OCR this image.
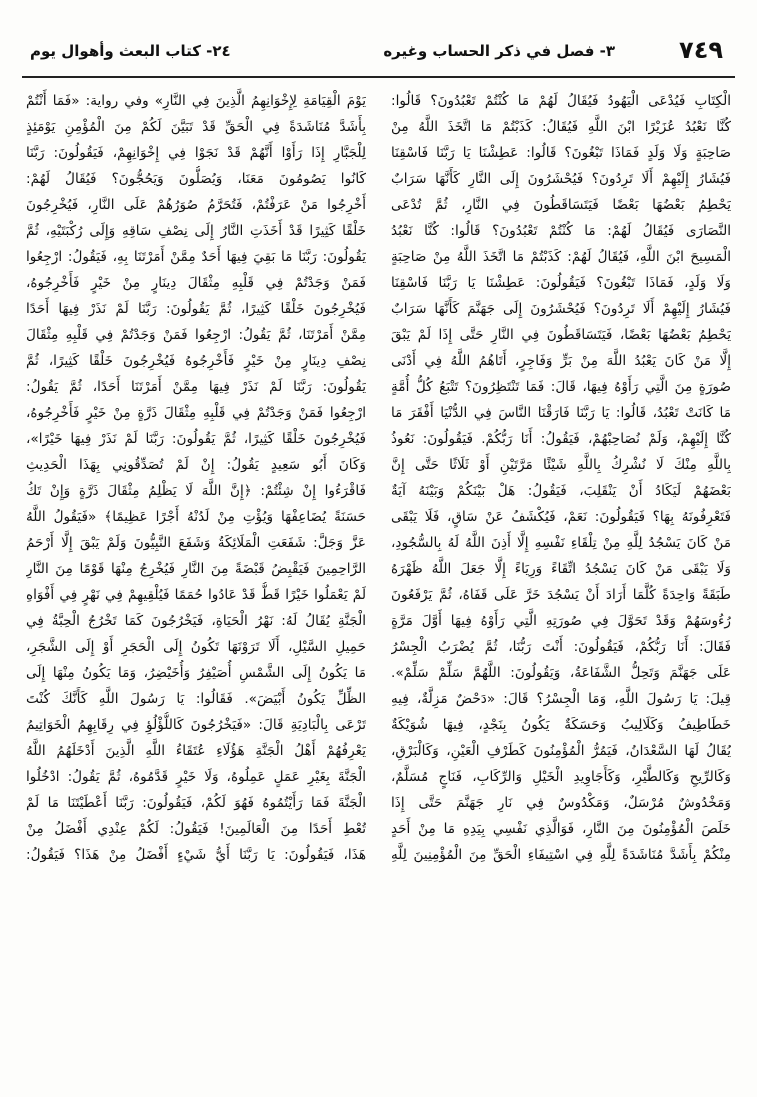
٧٤٩
٣- فصل في ذكر الحساب وغيره
٢٤- كتاب البعث وأهوال يوم
الْكِتَابِ فَيُدْعَى الْيَهُودُ فَيُقَالُ لَهُمْ مَا كُنْتُمْ تَعْبُدُونَ؟ قَالُوا:
كُنَّا نَعْبُدُ عُزَيْرًا ابْنَ اللَّهِ فَيُقَالُ: كَذَبْتُمْ مَا اتَّخَذَ اللَّهُ مِنْ
صَاحِبَةٍ وَلَا وَلَدٍ فَمَاذَا تَبْغُونَ؟ قَالُوا: عَطِشْنَا يَا رَبَّنَا فَاسْقِنَا
فَيُشَارُ إِلَيْهِمْ أَلَا تَرِدُونَ؟ فَيُحْشَرُونَ إِلَى النَّارِ كَأَنَّهَا سَرَابٌ
يَحْطِمُ بَعْضُهَا بَعْضًا فَيَتَسَاقَطُونَ فِي النَّارِ، ثُمَّ تُدْعَى
النَّصَارَى فَيُقَالُ لَهُمْ: مَا كُنْتُمْ تَعْبُدُونَ؟ قَالُوا: كُنَّا نَعْبُدُ
الْمَسِيحَ ابْنَ اللَّهِ، فَيُقَالُ لَهُمْ: كَذَبْتُمْ مَا اتَّخَذَ اللَّهُ مِنْ صَاحِبَةٍ
وَلَا وَلَدٍ، فَمَاذَا تَبْغُونَ؟ فَيَقُولُونَ: عَطِشْنَا يَا رَبَّنَا فَاسْقِنَا
فَيُشَارُ إِلَيْهِمْ أَلَا تَرِدُونَ؟ فَيُحْشَرُونَ إِلَى جَهَنَّمَ كَأَنَّهَا سَرَابٌ
يَحْطِمُ بَعْضُهَا بَعْضًا، فَيَتَسَاقَطُونَ فِي النَّارِ حَتَّى إِذَا لَمْ يَبْقَ
إِلَّا مَنْ كَانَ يَعْبُدُ اللَّهَ مِنْ بَرٍّ وَفَاجِرٍ، أَتَاهُمُ اللَّهُ فِي أَدْنَى
صُورَةٍ مِنَ الَّتِي رَأَوْهُ فِيهَا، قَالَ: فَمَا تَنْتَظِرُونَ؟ تَتْبَعُ كُلُّ أُمَّةٍ
مَا كَانَتْ تَعْبُدُ، قَالُوا: يَا رَبَّنَا فَارَقْنَا النَّاسَ فِي الدُّنْيَا أَفْقَرَ مَا
كُنَّا إِلَيْهِمْ، وَلَمْ نُصَاحِبْهُمْ، فَيَقُولُ: أَنَا رَبُّكُمْ. فَيَقُولُونَ: نَعُوذُ
بِاللَّهِ مِنْكَ لَا نُشْرِكُ بِاللَّهِ شَيْئًا مَرَّتَيْنِ أَوْ ثَلَاثًا حَتَّى إِنَّ
بَعْضَهُمْ لَيَكَادُ أَنْ يَنْقَلِبَ، فَيَقُولُ: هَلْ بَيْنَكُمْ وَبَيْنَهُ آيَةٌ
فَتَعْرِفُونَهُ بِهَا؟ فَيَقُولُونَ: نَعَمْ، فَيُكْشَفُ عَنْ سَاقٍ، فَلَا يَبْقَى
مَنْ كَانَ يَسْجُدُ لِلَّهِ مِنْ تِلْقَاءِ نَفْسِهِ إِلَّا أَذِنَ اللَّهُ لَهُ بِالسُّجُودِ،
وَلَا يَبْقَى مَنْ كَانَ يَسْجُدُ اتِّقَاءً وَرِيَاءً إِلَّا جَعَلَ اللَّهُ ظَهْرَهُ
طَبَقَةً وَاحِدَةً كُلَّمَا أَرَادَ أَنْ يَسْجُدَ خَرَّ عَلَى قَفَاهُ، ثُمَّ يَرْفَعُونَ
رُءُوسَهُمْ وَقَدْ تَحَوَّلَ فِي صُورَتِهِ الَّتِي رَأَوْهُ فِيهَا أَوَّلَ مَرَّةٍ
فَقَالَ: أَنَا رَبُّكُمْ، فَيَقُولُونَ: أَنْتَ رَبُّنَا، ثُمَّ يُضْرَبُ الْجِسْرُ
عَلَى جَهَنَّمَ وَتَحِلُّ الشَّفَاعَةُ، وَيَقُولُونَ: اللَّهُمَّ سَلِّمْ سَلِّمْ».
قِيلَ: يَا رَسُولَ اللَّهِ، وَمَا الْجِسْرُ؟ قَالَ: «دَحْضٌ مَزِلَّةٌ، فِيهِ
خَطَاطِيفُ وَكَلَالِيبُ وَحَسَكَةٌ يَكُونُ بِنَجْدٍ، فِيهَا شُوَيْكَةٌ
يُقَالُ لَهَا السَّعْدَانُ، فَيَمُرُّ الْمُؤْمِنُونَ كَطَرْفِ الْعَيْنِ، وَكَالْبَرْقِ،
وَكَالرِّيحِ وَكَالطَّيْرِ، وَكَأَجَاوِيدِ الْخَيْلِ وَالرِّكَابِ، فَنَاجٍ مُسَلَّمٌ،
وَمَخْدُوشٌ مُرْسَلٌ، وَمَكْدُوسٌ فِي نَارِ جَهَنَّمَ حَتَّى إِذَا
خَلَصَ الْمُؤْمِنُونَ مِنَ النَّارِ، فَوَالَّذِي نَفْسِي بِيَدِهِ مَا مِنْ أَحَدٍ
مِنْكُمْ بِأَشَدَّ مُنَاشَدَةً لِلَّهِ فِي اسْتِيفَاءِ الْحَقِّ مِنَ الْمُؤْمِنِينَ لِلَّهِ
يَوْمَ الْقِيَامَةِ لِإِخْوَانِهِمُ الَّذِينَ فِي النَّارِ» وفي رواية: «فَمَا أَنْتُمْ
بِأَشَدَّ مُنَاشَدَةً فِي الْحَقِّ قَدْ تَبَيَّنَ لَكُمْ مِنَ الْمُؤْمِنِ يَوْمَئِذٍ
لِلْجَبَّارِ إِذَا رَأَوْا أَنَّهُمْ قَدْ نَجَوْا فِي إِخْوَانِهِمْ، فَيَقُولُونَ: رَبَّنَا
كَانُوا يَصُومُونَ مَعَنَا، وَيُصَلُّونَ وَيَحُجُّونَ؟ فَيُقَالُ لَهُمْ:
أَخْرِجُوا مَنْ عَرَفْتُمْ، فَتُحَرَّمُ صُوَرُهُمْ عَلَى النَّارِ، فَيُخْرِجُونَ
خَلْقًا كَثِيرًا قَدْ أَخَذَتِ النَّارُ إِلَى نِصْفِ سَاقِهِ وَإِلَى رُكْبَتَيْهِ، ثُمَّ
يَقُولُونَ: رَبَّنَا مَا بَقِيَ فِيهَا أَحَدٌ مِمَّنْ أَمَرْتَنَا بِهِ، فَيَقُولُ: ارْجِعُوا
فَمَنْ وَجَدْتُمْ فِي قَلْبِهِ مِثْقَالَ دِينَارٍ مِنْ خَيْرٍ فَأَخْرِجُوهُ،
فَيُخْرِجُونَ خَلْقًا كَثِيرًا، ثُمَّ يَقُولُونَ: رَبَّنَا لَمْ نَذَرْ فِيهَا أَحَدًا
مِمَّنْ أَمَرْتَنَا، ثُمَّ يَقُولُ: ارْجِعُوا فَمَنْ وَجَدْتُمْ فِي قَلْبِهِ مِثْقَالَ
نِصْفِ دِينَارٍ مِنْ خَيْرٍ فَأَخْرِجُوهُ فَيُخْرِجُونَ خَلْقًا كَثِيرًا، ثُمَّ
يَقُولُونَ: رَبَّنَا لَمْ نَذَرْ فِيهَا مِمَّنْ أَمَرْتَنَا أَحَدًا، ثُمَّ يَقُولُ:
ارْجِعُوا فَمَنْ وَجَدْتُمْ فِي قَلْبِهِ مِثْقَالَ ذَرَّةٍ مِنْ خَيْرٍ فَأَخْرِجُوهُ،
فَيُخْرِجُونَ خَلْقًا كَثِيرًا، ثُمَّ يَقُولُونَ: رَبَّنَا لَمْ نَذَرْ فِيهَا خَيْرًا»،
وَكَانَ أَبُو سَعِيدٍ يَقُولُ: إِنْ لَمْ تُصَدِّقُونِي بِهَذَا الْحَدِيثِ
فَاقْرَءُوا إِنْ شِئْتُمْ: ﴿إِنَّ اللَّهَ لَا يَظْلِمُ مِثْقَالَ ذَرَّةٍ وَإِنْ تَكُ
حَسَنَةً يُضَاعِفْهَا وَيُؤْتِ مِنْ لَدُنْهُ أَجْرًا عَظِيمًا﴾ «فَيَقُولُ اللَّهُ
عَزَّ وَجَلَّ: شَفَعَتِ الْمَلَائِكَةُ وَشَفَعَ النَّبِيُّونَ وَلَمْ يَبْقَ إِلَّا أَرْحَمُ
الرَّاحِمِينَ فَيَقْبِضُ قَبْضَةً مِنَ النَّارِ فَيُخْرِجُ مِنْهَا قَوْمًا مِنَ النَّارِ
لَمْ يَعْمَلُوا خَيْرًا قَطُّ قَدْ عَادُوا حُمَمًا فَيُلْقِيهِمْ فِي نَهْرٍ فِي أَفْوَاهِ
الْجَنَّةِ يُقَالُ لَهُ: نَهْرُ الْحَيَاةِ، فَيَخْرُجُونَ كَمَا تَخْرُجُ الْحِبَّةُ فِي
حَمِيلِ السَّيْلِ، أَلَا تَرَوْنَهَا تَكُونُ إِلَى الْحَجَرِ أَوْ إِلَى الشَّجَرِ،
مَا يَكُونُ إِلَى الشَّمْسِ أُصَيْفِرُ وَأُخَيْضِرُ، وَمَا يَكُونُ مِنْهَا إِلَى
الظِّلِّ يَكُونُ أَبْيَضَ». فَقَالُوا: يَا رَسُولَ اللَّهِ كَأَنَّكَ كُنْتَ
تَرْعَى بِالْبَادِيَةِ قَالَ: «فَيَخْرُجُونَ كَاللُّؤْلُؤِ فِي رِقَابِهِمُ الْخَوَاتِيمُ
يَعْرِفُهُمْ أَهْلُ الْجَنَّةِ هَؤُلَاءِ عُتَقَاءُ اللَّهِ الَّذِينَ أَدْخَلَهُمُ اللَّهُ
الْجَنَّةَ بِغَيْرِ عَمَلٍ عَمِلُوهُ، وَلَا خَيْرٍ قَدَّمُوهُ، ثُمَّ يَقُولُ: ادْخُلُوا
الْجَنَّةَ فَمَا رَأَيْتُمُوهُ فَهُوَ لَكُمْ، فَيَقُولُونَ: رَبَّنَا أَعْطَيْتَنَا مَا لَمْ
تُعْطِ أَحَدًا مِنَ الْعَالَمِينَ! فَيَقُولُ: لَكُمْ عِنْدِي أَفْضَلُ مِنْ
هَذَا، فَيَقُولُونَ: يَا رَبَّنَا أَيُّ شَيْءٍ أَفْضَلُ مِنْ هَذَا؟ فَيَقُولُ:
